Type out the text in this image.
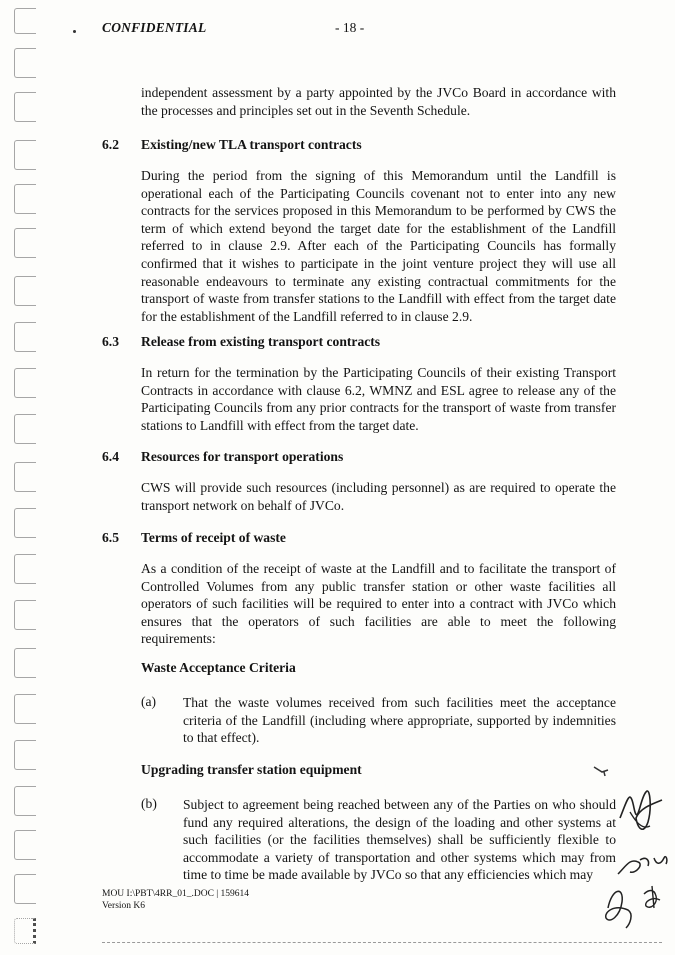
CONFIDENTIAL	- 18 -

independent assessment by a party appointed by the JVCo Board in accordance with the processes and principles set out in the Seventh Schedule.

6.2 Existing/new TLA transport contracts

During the period from the signing of this Memorandum until the Landfill is operational each of the Participating Councils covenant not to enter into any new contracts for the services proposed in this Memorandum to be performed by CWS the term of which extend beyond the target date for the establishment of the Landfill referred to in clause 2.9. After each of the Participating Councils has formally confirmed that it wishes to participate in the joint venture project they will use all reasonable endeavours to terminate any existing contractual commitments for the transport of waste from transfer stations to the Landfill with effect from the target date for the establishment of the Landfill referred to in clause 2.9.

6.3 Release from existing transport contracts

In return for the termination by the Participating Councils of their existing Transport Contracts in accordance with clause 6.2, WMNZ and ESL agree to release any of the Participating Councils from any prior contracts for the transport of waste from transfer stations to Landfill with effect from the target date.

6.4 Resources for transport operations

CWS will provide such resources (including personnel) as are required to operate the transport network on behalf of JVCo.

6.5 Terms of receipt of waste

As a condition of the receipt of waste at the Landfill and to facilitate the transport of Controlled Volumes from any public transfer station or other waste facilities all operators of such facilities will be required to enter into a contract with JVCo which ensures that the operators of such facilities are able to meet the following requirements:

Waste Acceptance Criteria
(a) That the waste volumes received from such facilities meet the acceptance criteria of the Landfill (including where appropriate, supported by indemnities to that effect).

Upgrading transfer station equipment
(b) Subject to agreement being reached between any of the Parties on who should fund any required alterations, the design of the loading and other systems at such facilities (or the facilities themselves) shall be sufficiently flexible to accommodate a variety of transportation and other systems which may from time to time be made available by JVCo so that any efficiencies which may

MOU I:\PBT\4RR_01_.DOC | 159614
Version K6
